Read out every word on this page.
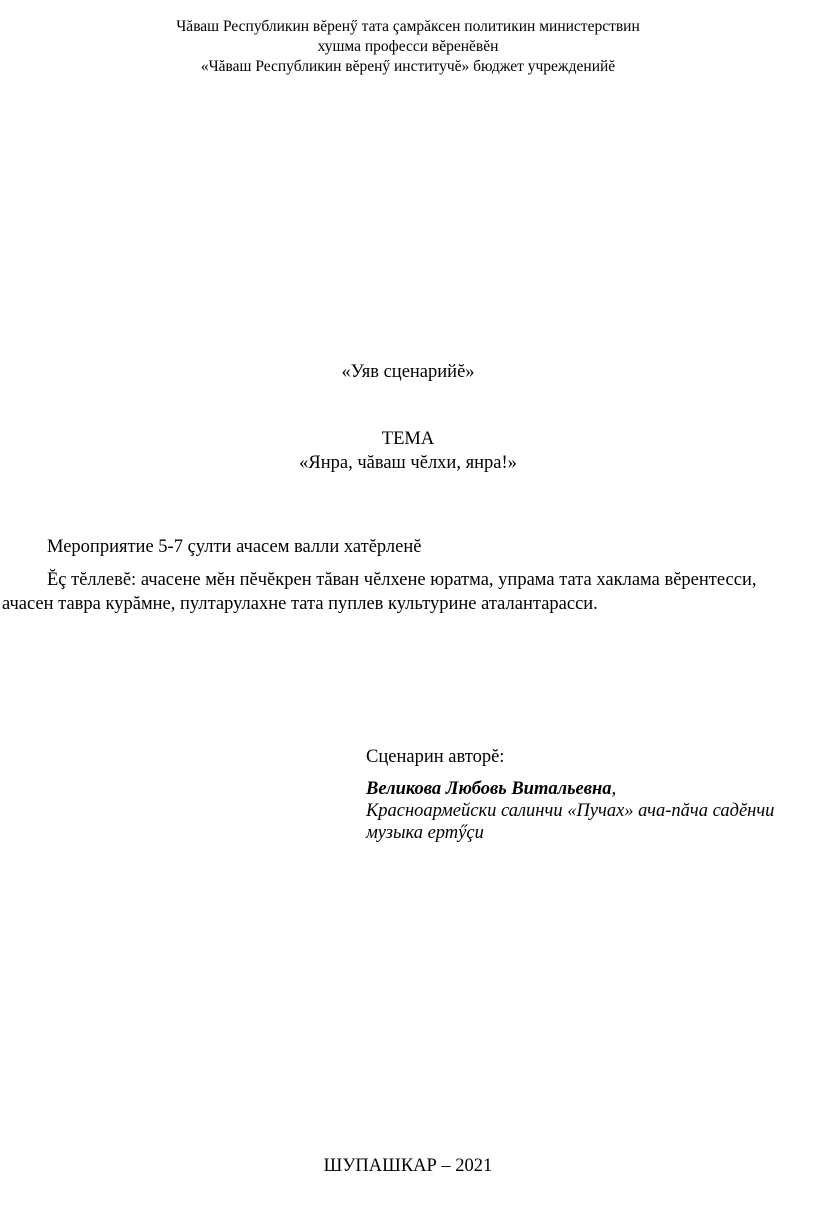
Чăваш Республикин вĕренӳ тата çамрăксен политикин министерствин
хушма професси вĕренĕвĕн
«Чăваш Республикин вĕренӳ институчĕ» бюджет учрежденийĕ
«Уяв сценарийĕ»
ТЕМА
«Янра, чăваш чĕлхи, янра!»
Мероприятие 5-7 çулти ачасем валли хатĕрленĕ
Ĕç тĕллевĕ: ачасене мĕн пĕчĕкрен тăван чĕлхене юратма, упрама тата хаклама вĕрентесси,
ачасен тавра курăмне, пултарулахне тата пуплев культурине аталантарасси.
Сценарин авторĕ:
Великова Любовь Витальевна,
Красноармейски салинчи «Пучах» ача-пăча садĕнчи
музыка ертӳçи
ШУПАШКАР – 2021
